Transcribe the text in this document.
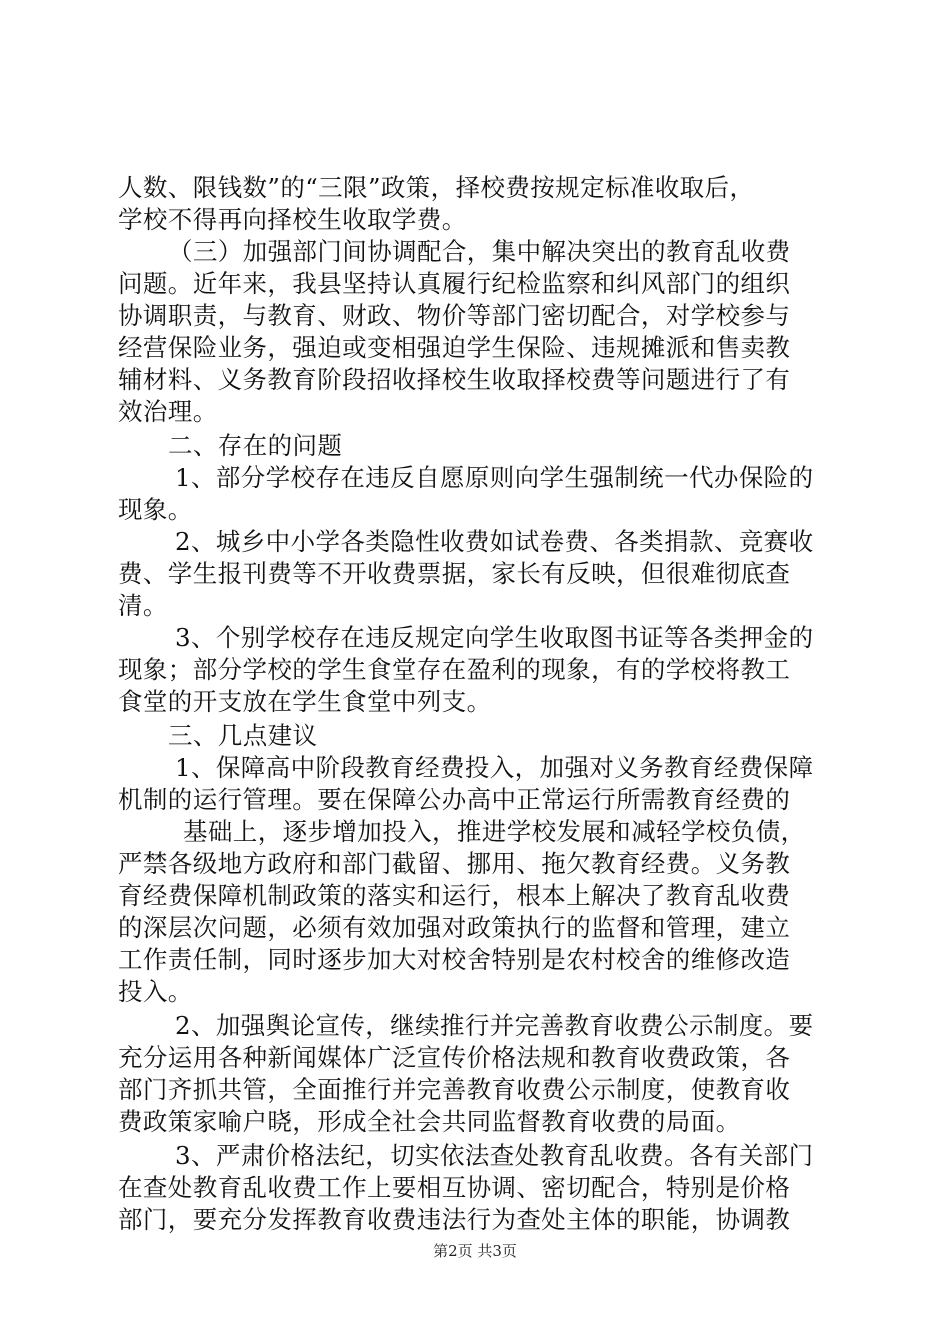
人数、限钱数”的“三限”政策，择校费按规定标准收取后，
学校不得再向择校生收取学费。
（三）加强部门间协调配合，集中解决突出的教育乱收费
问题。近年来，我县坚持认真履行纪检监察和纠风部门的组织
协调职责，与教育、财政、物价等部门密切配合，对学校参与
经营保险业务，强迫或变相强迫学生保险、违规摊派和售卖教
辅材料、义务教育阶段招收择校生收取择校费等问题进行了有
效治理。
二、存在的问题
1、部分学校存在违反自愿原则向学生强制统一代办保险的
现象。
2、城乡中小学各类隐性收费如试卷费、各类捐款、竞赛收
费、学生报刊费等不开收费票据，家长有反映，但很难彻底查
清。
3、个别学校存在违反规定向学生收取图书证等各类押金的
现象；部分学校的学生食堂存在盈利的现象，有的学校将教工
食堂的开支放在学生食堂中列支。
三、几点建议
1、保障高中阶段教育经费投入，加强对义务教育经费保障
机制的运行管理。要在保障公办高中正常运行所需教育经费的
基础上，逐步增加投入，推进学校发展和减轻学校负债，
严禁各级地方政府和部门截留、挪用、拖欠教育经费。义务教
育经费保障机制政策的落实和运行，根本上解决了教育乱收费
的深层次问题，必须有效加强对政策执行的监督和管理，建立
工作责任制，同时逐步加大对校舍特别是农村校舍的维修改造
投入。
2、加强舆论宣传，继续推行并完善教育收费公示制度。要
充分运用各种新闻媒体广泛宣传价格法规和教育收费政策，各
部门齐抓共管，全面推行并完善教育收费公示制度，使教育收
费政策家喻户晓，形成全社会共同监督教育收费的局面。
3、严肃价格法纪，切实依法查处教育乱收费。各有关部门
在查处教育乱收费工作上要相互协调、密切配合，特别是价格
部门，要充分发挥教育收费违法行为查处主体的职能，协调教
第2页 共3页
